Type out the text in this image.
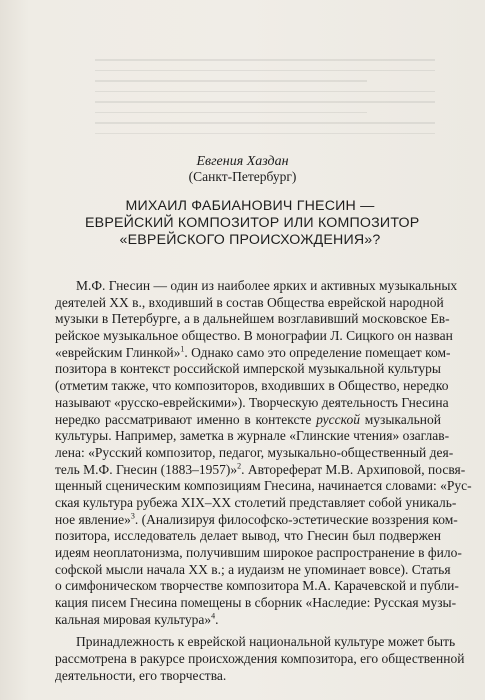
Евгения Хаздан
(Санкт-Петербург)
МИХАИЛ ФАБИАНОВИЧ ГНЕСИН —
ЕВРЕЙСКИЙ КОМПОЗИТОР ИЛИ КОМПОЗИТОР
«ЕВРЕЙСКОГО ПРОИСХОЖДЕНИЯ»?
М.Ф. Гнесин — один из наиболее ярких и активных музыкальных
деятелей XX в., входивший в состав Общества еврейской народной
музыки в Петербурге, а в дальнейшем возглавивший московское Ев-
рейское музыкальное общество. В монографии Л. Сицкого он назван
«еврейским Глинкой»$^1$. Однако само это определение помещает ком-
позитора в контекст российской имперской музыкальной культуры
(отметим также, что композиторов, входивших в Общество, нередко
называют «русско-еврейскими»). Творческую деятельность Гнесина
нередко рассматривают именно в контексте русской музыкальной
культуры. Например, заметка в журнале «Глинские чтения» озаглав-
лена: «Русский композитор, педагог, музыкально-общественный дея-
тель М.Ф. Гнесин (1883–1957)»$^2$. Автореферат М.В. Архиповой, посвя-
щенный сценическим композициям Гнесина, начинается словами: «Рус-
ская культура рубежа XIX–XX столетий представляет собой уникаль-
ное явление»$^3$. (Анализируя философско-эстетические воззрения ком-
позитора, исследователь делает вывод, что Гнесин был подвержен
идеям неоплатонизма, получившим широкое распространение в фило-
софской мысли начала XX в.; а иудаизм не упоминает вовсе). Статья
о симфоническом творчестве композитора М.А. Карачевской и публи-
кация писем Гнесина помещены в сборник «Наследие: Русская музы-
кальная мировая культура»$^4$.
Принадлежность к еврейской национальной культуре может быть
рассмотрена в ракурсе происхождения композитора, его общественной
деятельности, его творчества.
